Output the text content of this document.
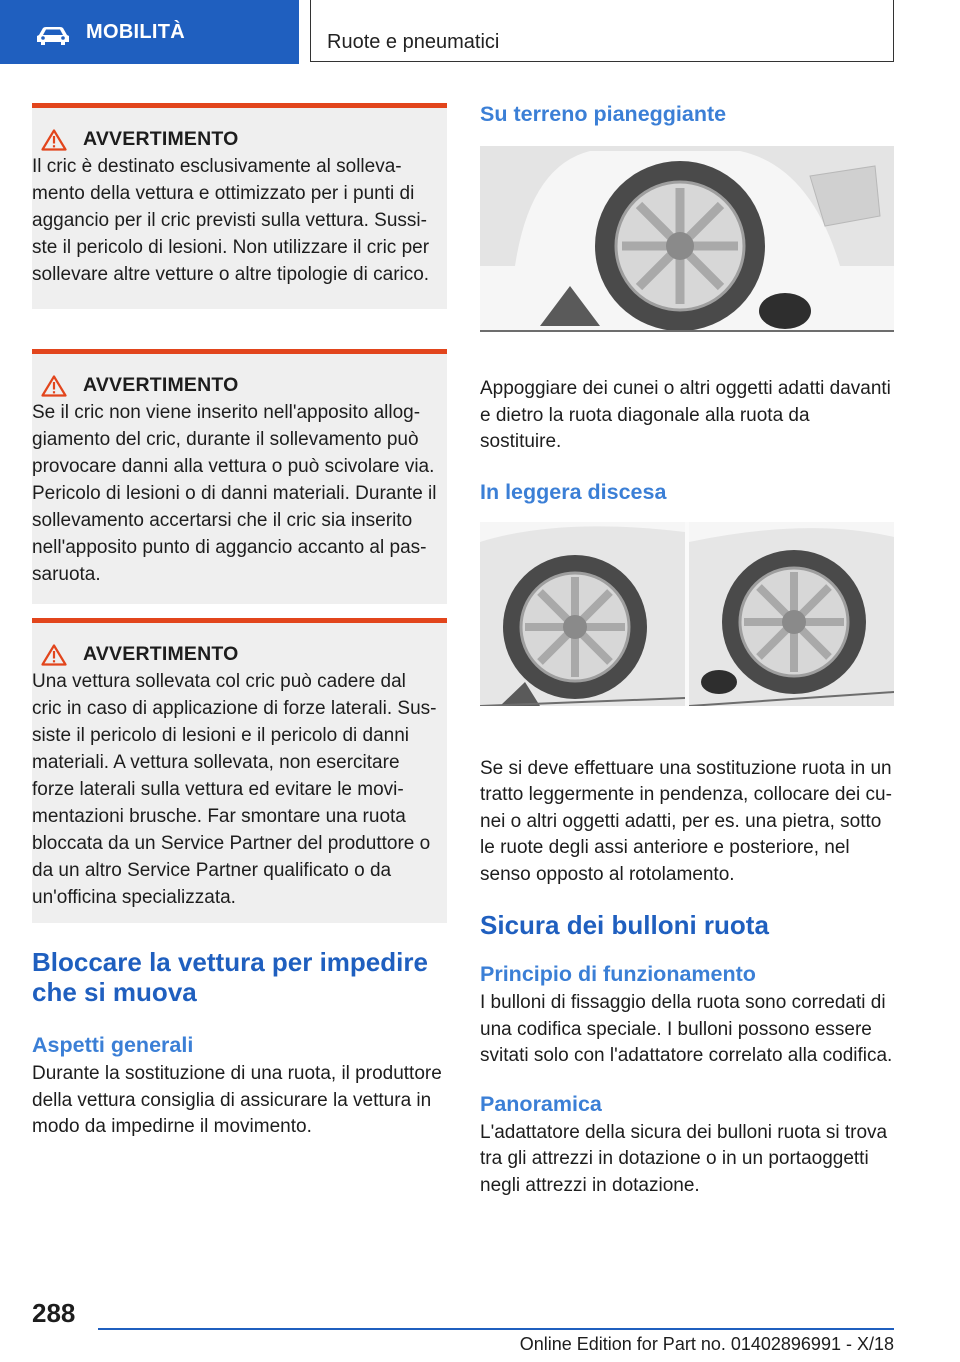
MOBILITÀ	Ruote e pneumatici
AVVERTIMENTO

Il cric è destinato esclusivamente al solleva-mento della vettura e ottimizzato per i punti di aggancio per il cric previsti sulla vettura. Sussi-ste il pericolo di lesioni. Non utilizzare il cric per sollevare altre vetture o altre tipologie di carico.

AVVERTIMENTO

Se il cric non viene inserito nell'apposito allog-giamento del cric, durante il sollevamento può provocare danni alla vettura o può scivolare via. Pericolo di lesioni o di danni materiali. Durante il sollevamento accertarsi che il cric sia inserito nell'apposito punto di aggancio accanto al pas-saruota.

AVVERTIMENTO

Una vettura sollevata col cric può cadere dal cric in caso di applicazione di forze laterali. Sus-siste il pericolo di lesioni e il pericolo di danni materiali. A vettura sollevata, non esercitare forze laterali sulla vettura ed evitare le movi-mentazioni brusche. Far smontare una ruota bloccata da un Service Partner del produttore o da un altro Service Partner qualificato o da un'officina specializzata.

Bloccare la vettura per impedire che si muova
Aspetti generali

Durante la sostituzione di una ruota, il produttore della vettura consiglia di assicurare la vettura in modo da impedirne il movimento.

Su terreno pianeggiante

Appoggiare dei cunei o altri oggetti adatti davanti e dietro la ruota diagonale alla ruota da sostituire.

In leggera discesa

Se si deve effettuare una sostituzione ruota in un tratto leggermente in pendenza, collocare dei cu-nei o altri oggetti adatti, per es. una pietra, sotto le ruote degli assi anteriore e posteriore, nel senso opposto al rotolamento.

Sicura dei bulloni ruota
Principio di funzionamento

I bulloni di fissaggio della ruota sono corredati di una codifica speciale. I bulloni possono essere svitati solo con l'adattatore correlato alla codifica.

Panoramica

L'adattatore della sicura dei bulloni ruota si trova tra gli attrezzi in dotazione o in un portaoggetti negli attrezzi in dotazione.

288
Online Edition for Part no. 01402896991 - X/18
